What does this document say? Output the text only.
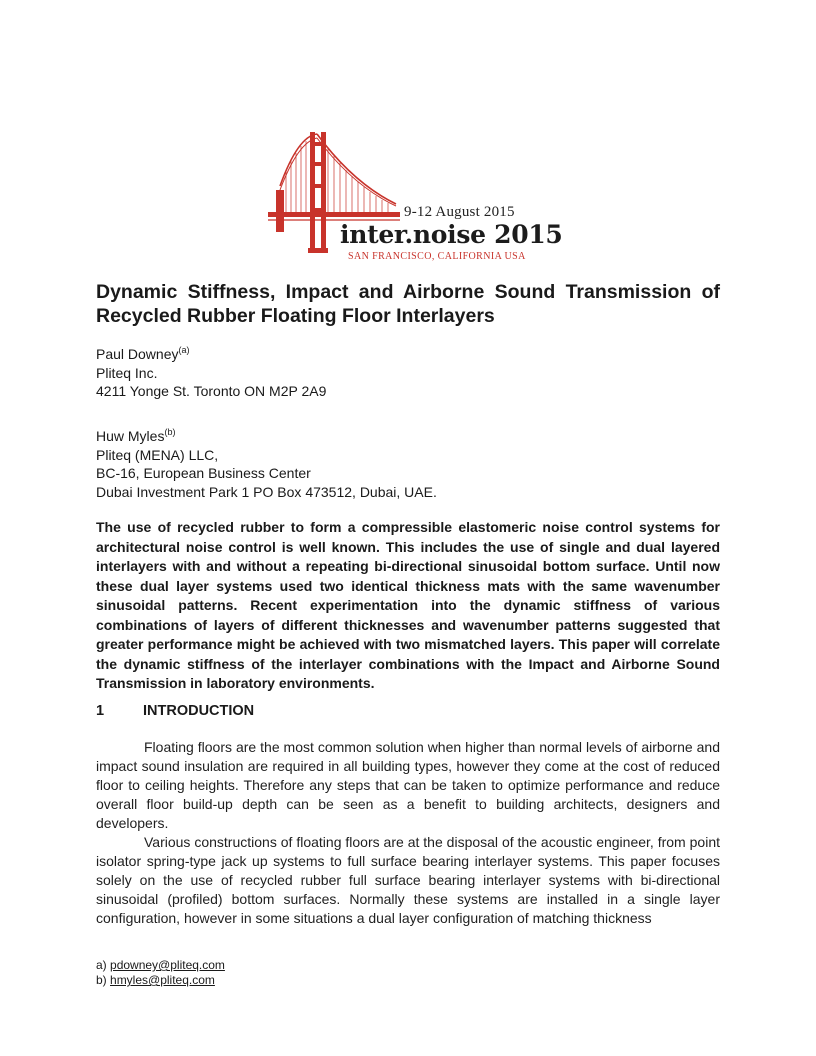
9-12 August 2015
inter.noise 2015
SAN FRANCISCO, CALIFORNIA USA
Dynamic Stiffness, Impact and Airborne Sound Transmission of Recycled Rubber Floating Floor Interlayers
Paul Downey$^{(a)}$
Pliteq Inc.
4211 Yonge St. Toronto ON M2P 2A9
Huw Myles$^{(b)}$
Pliteq (MENA) LLC,
BC-16, European Business Center
Dubai Investment Park 1 PO Box 473512, Dubai, UAE.

The use of recycled rubber to form a compressible elastomeric noise control systems for architectural noise control is well known. This includes the use of single and dual layered interlayers with and without a repeating bi-directional sinusoidal bottom surface. Until now these dual layer systems used two identical thickness mats with the same wavenumber sinusoidal patterns. Recent experimentation into the dynamic stiffness of various combinations of layers of different thicknesses and wavenumber patterns suggested that greater performance might be achieved with two mismatched layers. This paper will correlate the dynamic stiffness of the interlayer combinations with the Impact and Airborne Sound Transmission in laboratory environments.

1	INTRODUCTION

Floating floors are the most common solution when higher than normal levels of airborne and impact sound insulation are required in all building types, however they come at the cost of reduced floor to ceiling heights. Therefore any steps that can be taken to optimize performance and reduce overall floor build-up depth can be seen as a benefit to building architects, designers and developers.

Various constructions of floating floors are at the disposal of the acoustic engineer, from point isolator spring-type jack up systems to full surface bearing interlayer systems. This paper focuses solely on the use of recycled rubber full surface bearing interlayer systems with bi-directional sinusoidal (profiled) bottom surfaces. Normally these systems are installed in a single layer configuration, however in some situations a dual layer configuration of matching thickness

a) pdowney@pliteq.com
b) hmyles@pliteq.com
